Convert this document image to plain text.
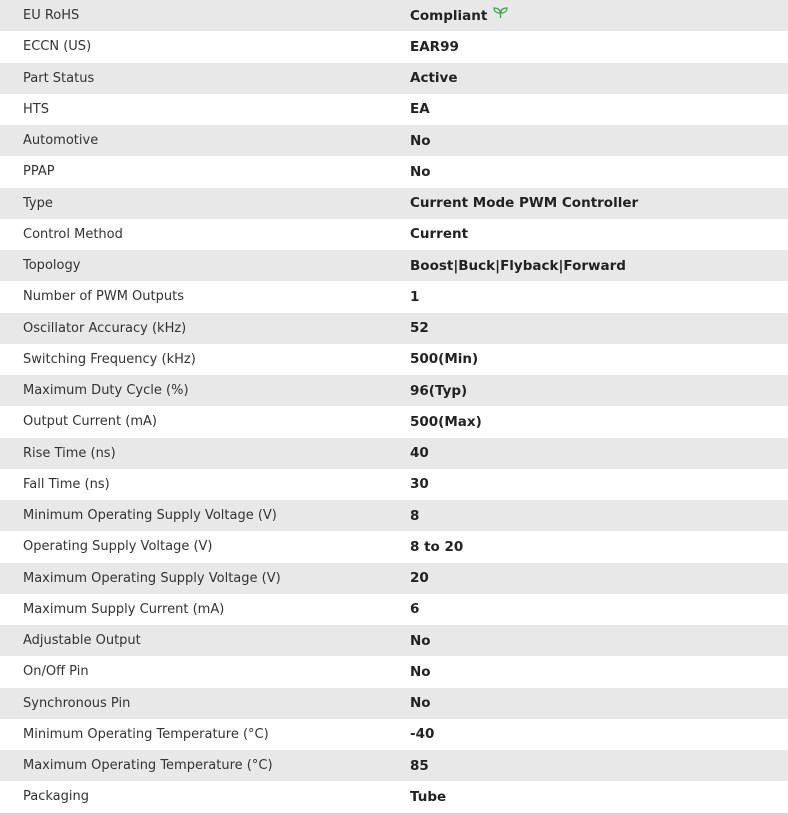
EU RoHS	Compliant
ECCN (US)	EAR99
Part Status	Active
HTS	EA
Automotive	No
PPAP	No
Type	Current Mode PWM Controller
Control Method	Current
Topology	Boost|Buck|Flyback|Forward
Number of PWM Outputs	1
Oscillator Accuracy (kHz)	52
Switching Frequency (kHz)	500(Min)
Maximum Duty Cycle (%)	96(Typ)
Output Current (mA)	500(Max)
Rise Time (ns)	40
Fall Time (ns)	30
Minimum Operating Supply Voltage (V)	8
Operating Supply Voltage (V)	8 to 20
Maximum Operating Supply Voltage (V)	20
Maximum Supply Current (mA)	6
Adjustable Output	No
On/Off Pin	No
Synchronous Pin	No
Minimum Operating Temperature (°C)	-40
Maximum Operating Temperature (°C)	85
Packaging	Tube
